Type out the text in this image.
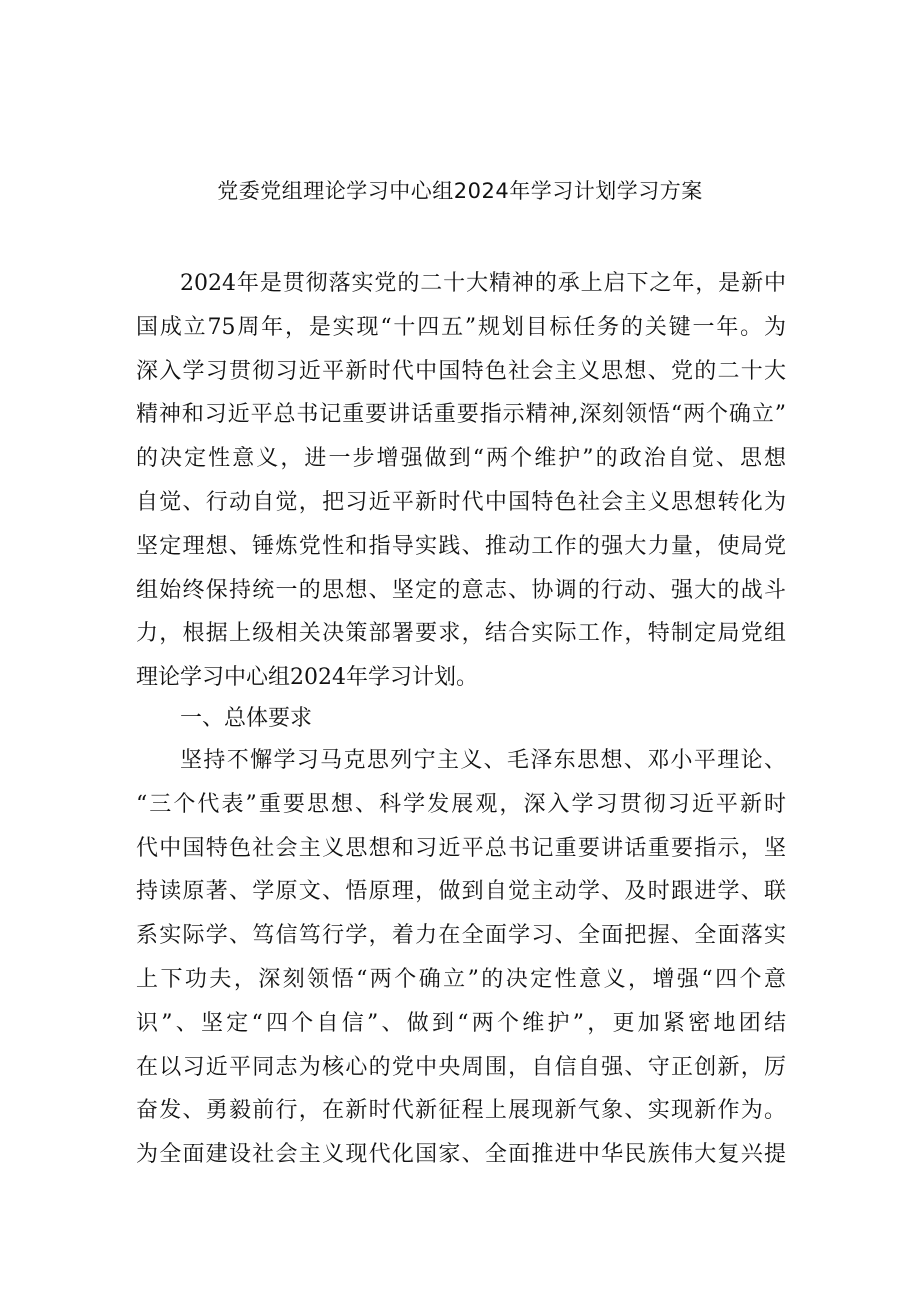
党委党组理论学习中心组2024年学习计划学习方案
2024年是贯彻落实党的二十大精神的承上启下之年，是新中
国成立75周年，是实现“十四五”规划目标任务的关键一年。为
深入学习贯彻习近平新时代中国特色社会主义思想、党的二十大
精神和习近平总书记重要讲话重要指示精神,深刻领悟“两个确立”
的决定性意义，进一步增强做到“两个维护”的政治自觉、思想
自觉、行动自觉，把习近平新时代中国特色社会主义思想转化为
坚定理想、锤炼党性和指导实践、推动工作的强大力量，使局党
组始终保持统一的思想、坚定的意志、协调的行动、强大的战斗
力，根据上级相关决策部署要求，结合实际工作，特制定局党组
理论学习中心组2024年学习计划。
一、总体要求
坚持不懈学习马克思列宁主义、毛泽东思想、邓小平理论、
“三个代表”重要思想、科学发展观，深入学习贯彻习近平新时
代中国特色社会主义思想和习近平总书记重要讲话重要指示，坚
持读原著、学原文、悟原理，做到自觉主动学、及时跟进学、联
系实际学、笃信笃行学，着力在全面学习、全面把握、全面落实
上下功夫，深刻领悟“两个确立”的决定性意义，增强“四个意
识”、坚定“四个自信”、做到“两个维护”，更加紧密地团结
在以习近平同志为核心的党中央周围，自信自强、守正创新，厉
奋发、勇毅前行，在新时代新征程上展现新气象、实现新作为。
为全面建设社会主义现代化国家、全面推进中华民族伟大复兴提
